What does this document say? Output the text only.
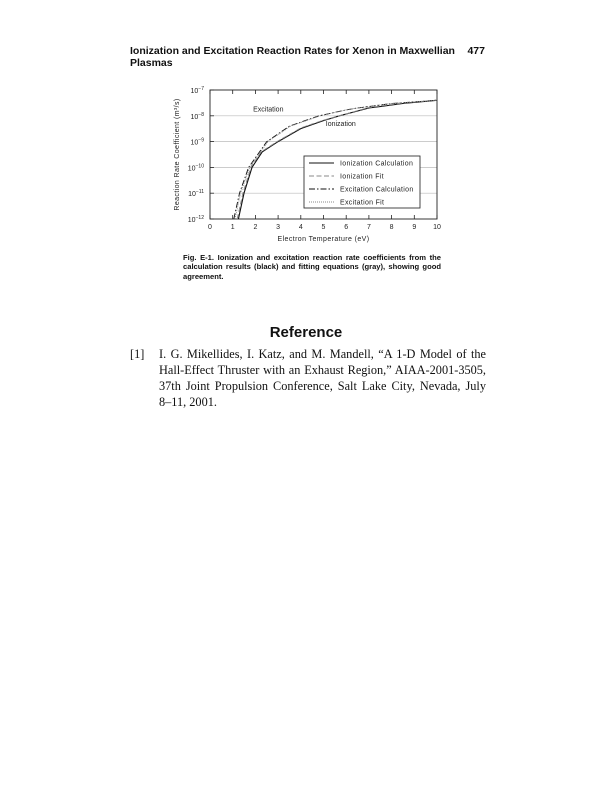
Ionization and Excitation Reaction Rates for Xenon in Maxwellian Plasmas
477
$10^{-7}$
$10^{-8}$
$10^{-9}$
$10^{-10}$
$10^{-11}$
$10^{-12}$
0	1	2	3	4	5	6	7	8	9 10
Electron Temperature (eV)
Reaction Rate Coefficient (m³/s)	Excitation
Ionization
Ionization Calculation
Ionization Fit
Excitation Calculation
Excitation Fit
Fig. E-1. Ionization and excitation reaction rate coefficients from the calculation results (black) and fitting equations (gray), showing good agreement.
Reference
[1]	I. G. Mikellides, I. Katz, and M. Mandell, “A 1-D Model of the Hall-Effect Thruster with an Exhaust Region,” AIAA-2001-3505, 37th Joint Propulsion Conference, Salt Lake City, Nevada, July 8–11, 2001.
